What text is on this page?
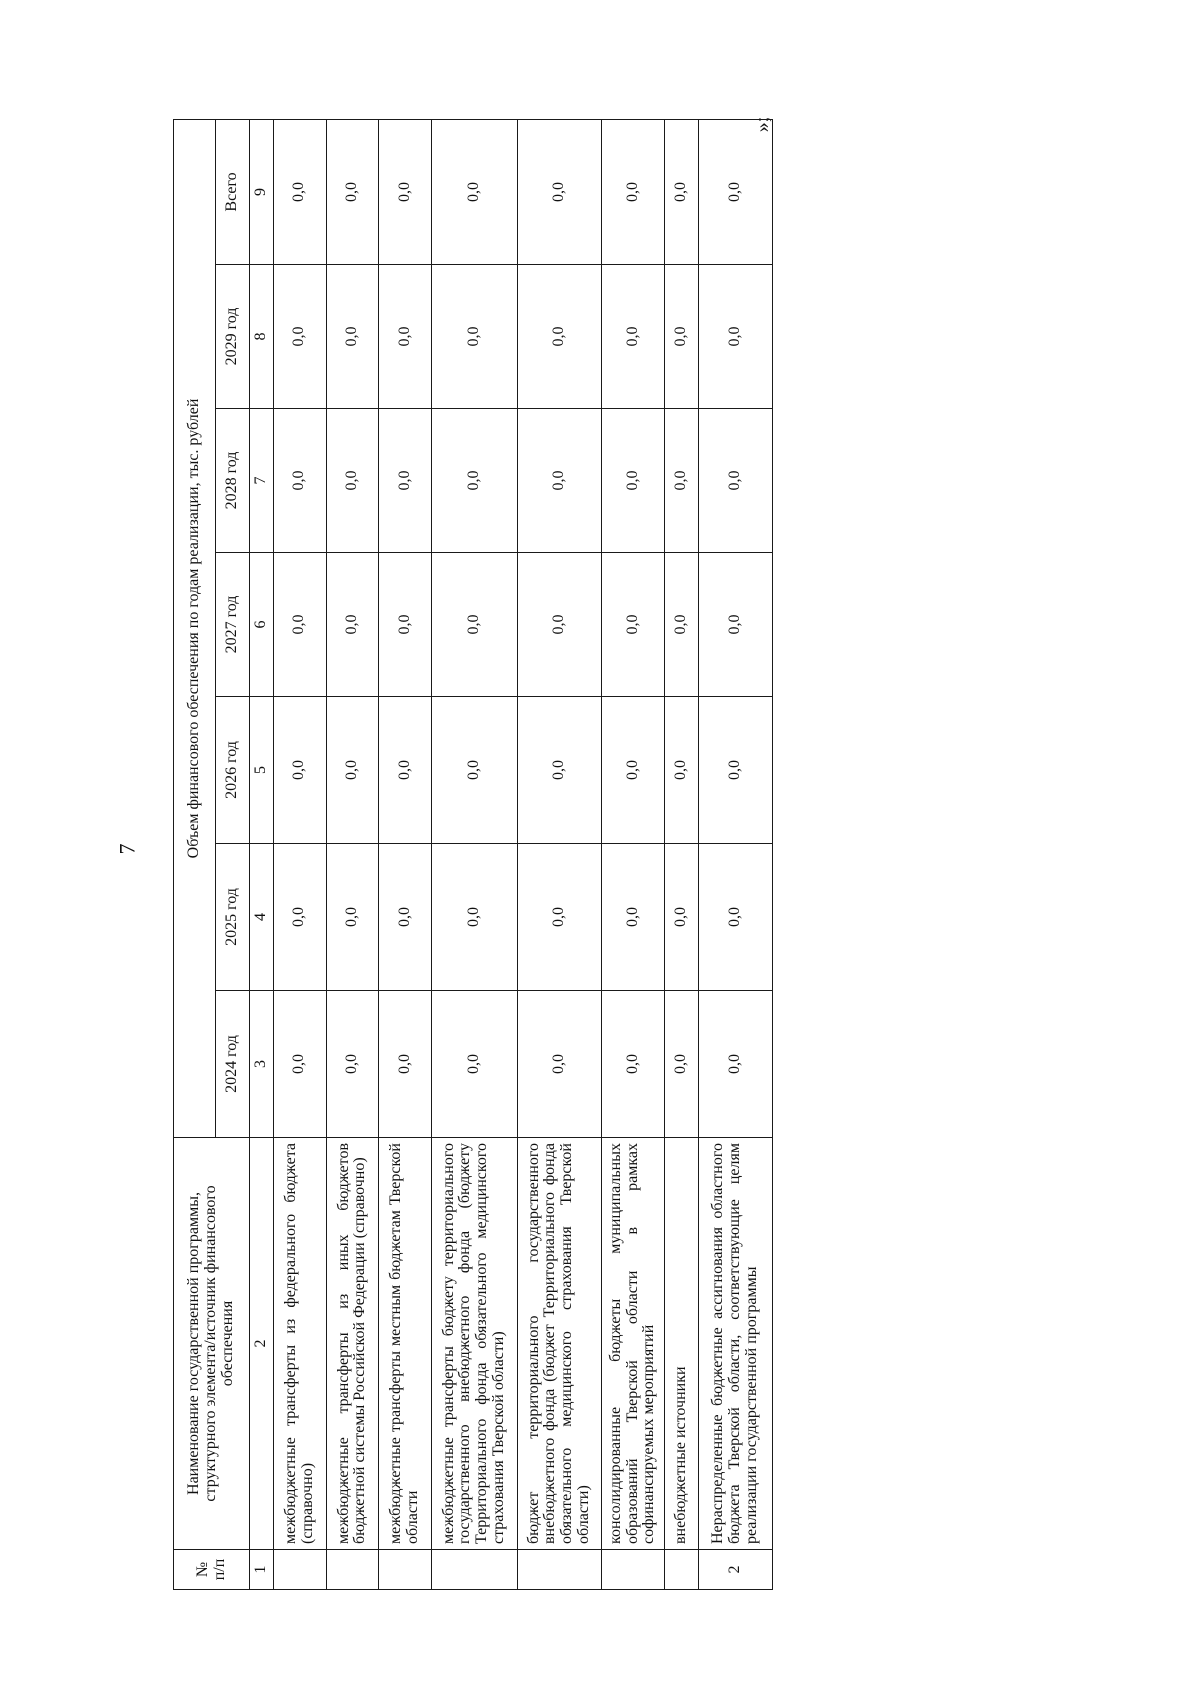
7
»;
№ п/п	Наименование государственной программы, структурного элемента/источник финансового обеспечения	Объем финансового обеспечения по годам реализации, тыс. рублей						
		2024 год	2025 год	2026 год	2027 год	2028 год	2029 год	Всего
1	2	3	4	5	6	7	8	9
	межбюджетные трансферты из федерального бюджета (справочно)	0,0	0,0	0,0	0,0	0,0	0,0	0,0
	межбюджетные трансферты из иных бюджетов бюджетной системы Российской Федерации (справочно)	0,0	0,0	0,0	0,0	0,0	0,0	0,0
	межбюджетные трансферты местным бюджетам Тверской области	0,0	0,0	0,0	0,0	0,0	0,0	0,0
	межбюджетные трансферты бюджету территориального государственного внебюджетного фонда (бюджету Территориального фонда обязательного медицинского страхования Тверской области)	0,0	0,0	0,0	0,0	0,0	0,0	0,0
	бюджет территориального государственного внебюджетного фонда (бюджет Территориального фонда обязательного медицинского страхования Тверской области)	0,0	0,0	0,0	0,0	0,0	0,0	0,0
	консолидированные бюджеты муниципальных образований Тверской области в рамках софинансируемых мероприятий	0,0	0,0	0,0	0,0	0,0	0,0	0,0
	внебюджетные источники	0,0	0,0	0,0	0,0	0,0	0,0	0,0
2	Нераспределенные бюджетные ассигнования областного бюджета Тверской области, соответствующие целям реализации государственной программы	0,0	0,0	0,0	0,0	0,0	0,0	0,0
